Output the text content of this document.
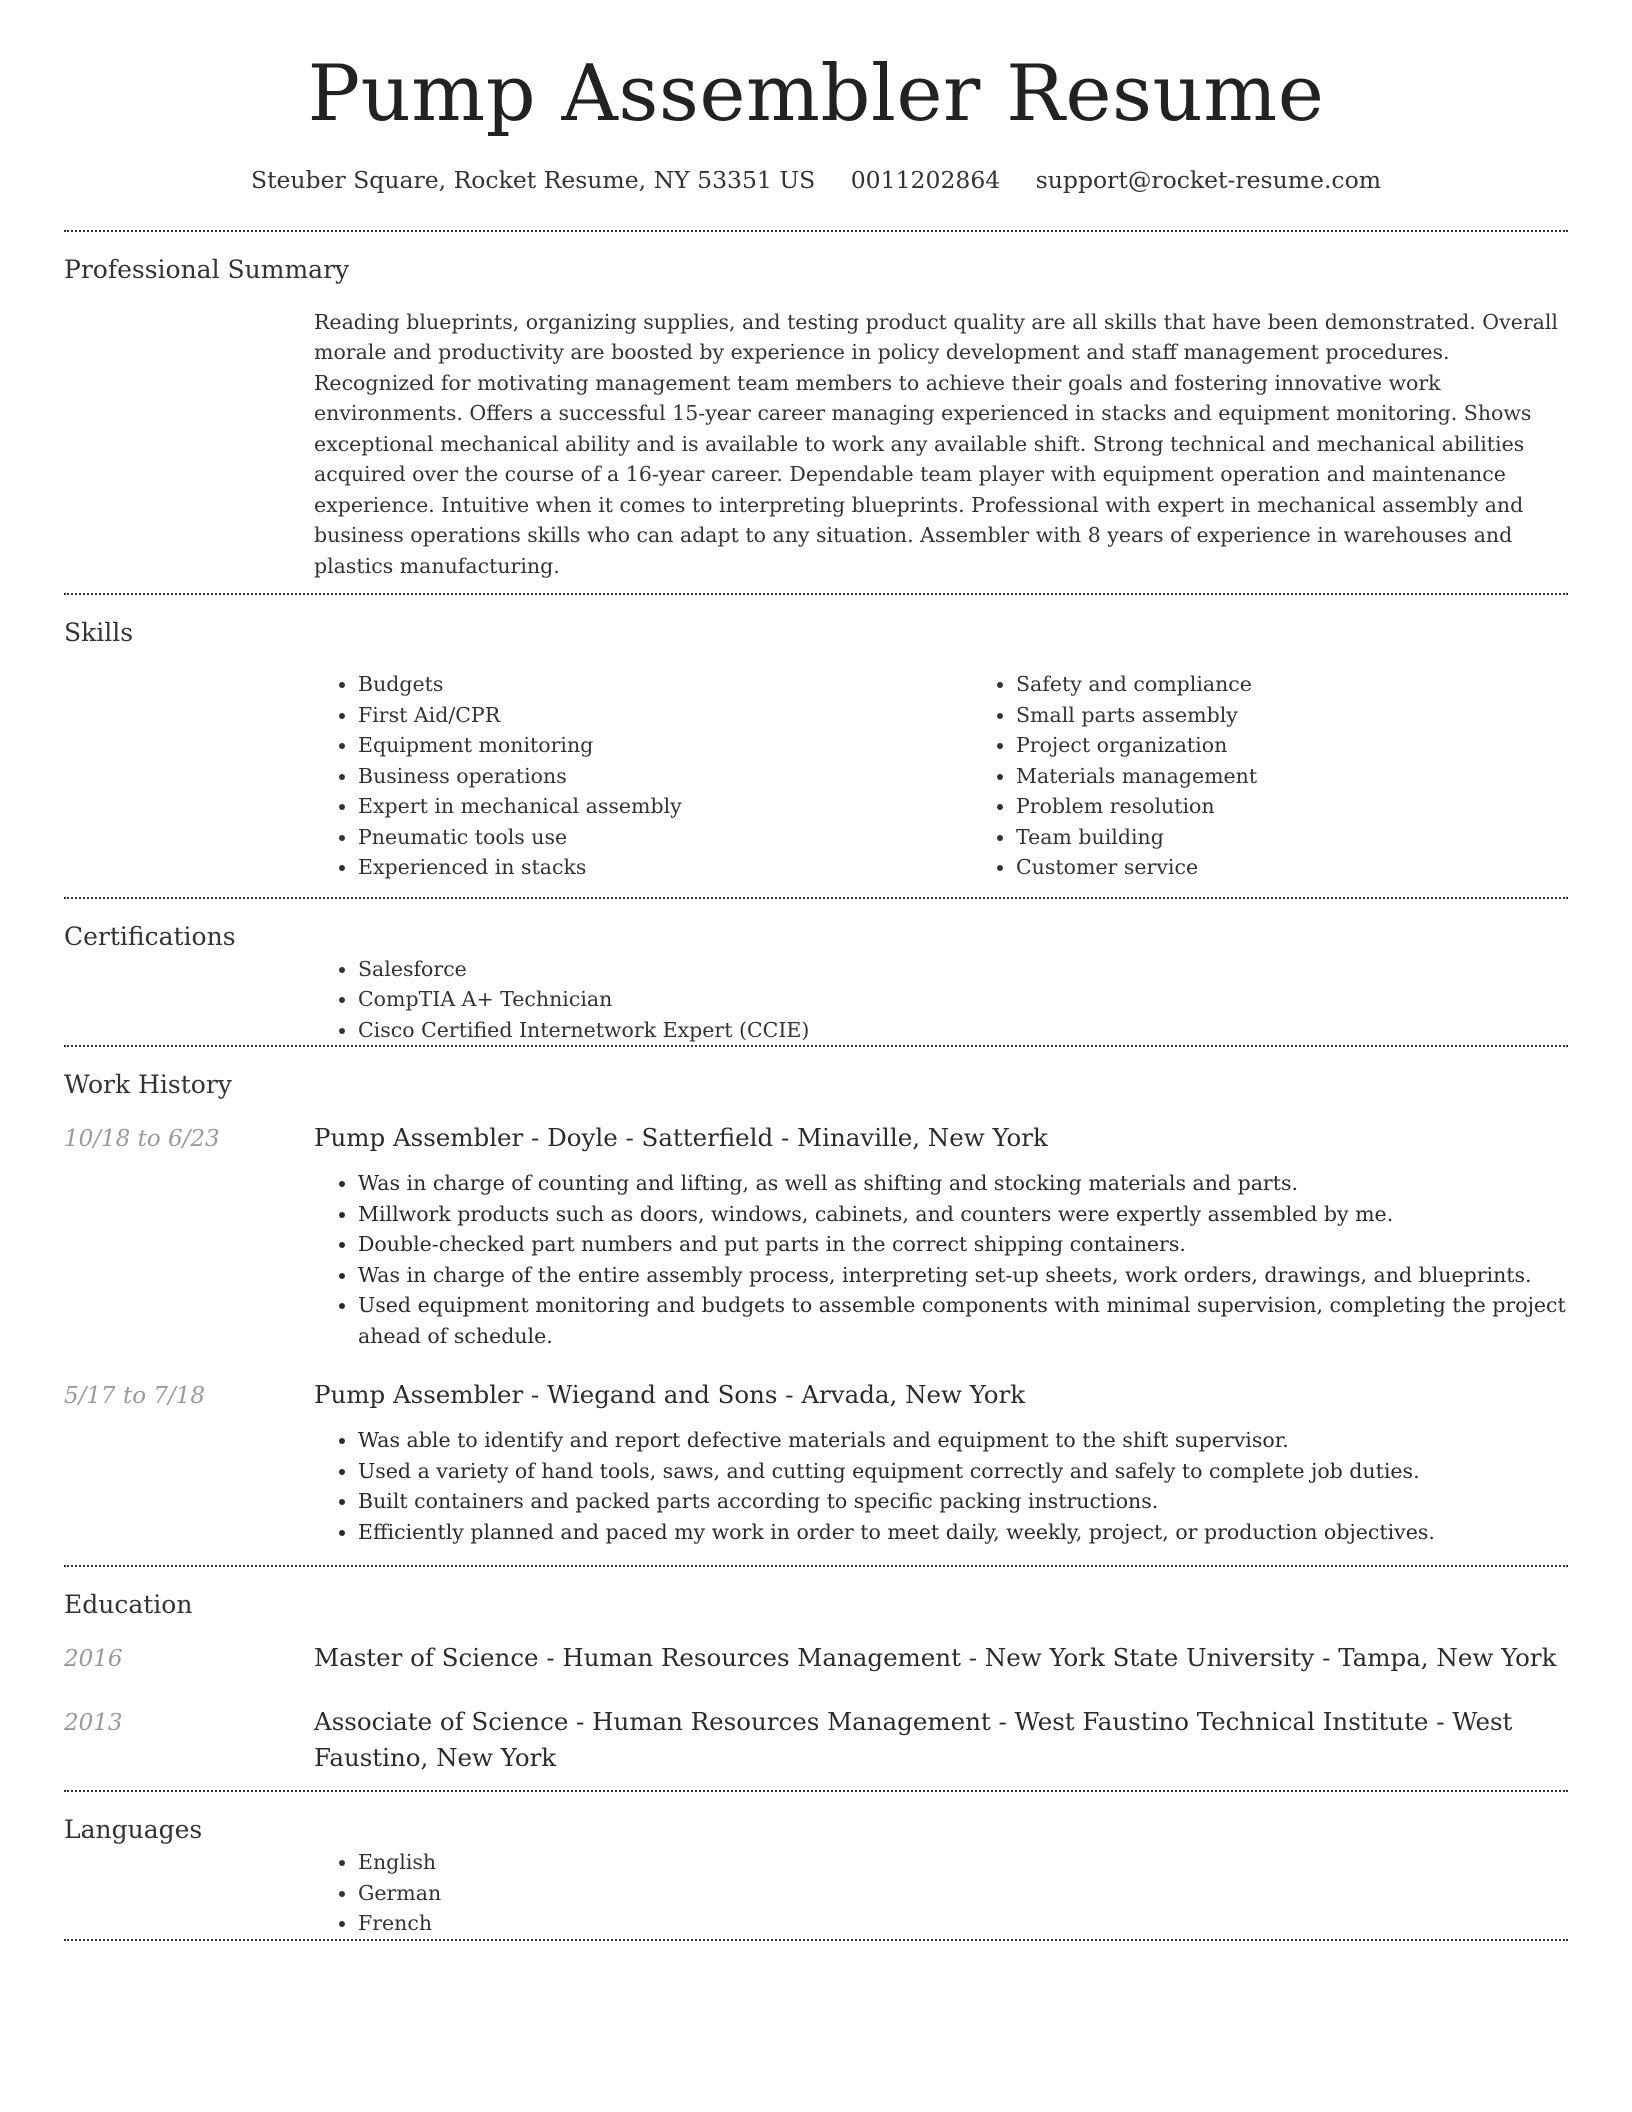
Pump Assembler Resume
Steuber Square, Rocket Resume, NY 53351 US 0011202864 support@rocket-resume.com
Professional Summary

Reading blueprints, organizing supplies, and testing product quality are all skills that have been demonstrated. Overall morale and productivity are boosted by experience in policy development and staff management procedures. Recognized for motivating management team members to achieve their goals and fostering innovative work environments. Offers a successful 15-year career managing experienced in stacks and equipment monitoring. Shows exceptional mechanical ability and is available to work any available shift. Strong technical and mechanical abilities acquired over the course of a 16-year career. Dependable team player with equipment operation and maintenance experience. Intuitive when it comes to interpreting blueprints. Professional with expert in mechanical assembly and business operations skills who can adapt to any situation. Assembler with 8 years of experience in warehouses and plastics manufacturing.

Skills
• Budgets
• First Aid/CPR
• Equipment monitoring
• Business operations
• Expert in mechanical assembly
• Pneumatic tools use
• Experienced in stacks
• Safety and compliance
• Small parts assembly
• Project organization
• Materials management
• Problem resolution
• Team building
• Customer service
Certifications
• Salesforce
• CompTIA A+ Technician
• Cisco Certified Internetwork Expert (CCIE)
Work History
10/18 to 6/23	Pump Assembler - Doyle - Satterfield - Minaville, New York
• Was in charge of counting and lifting, as well as shifting and stocking materials and parts.
• Millwork products such as doors, windows, cabinets, and counters were expertly assembled by me.
• Double-checked part numbers and put parts in the correct shipping containers.
• Was in charge of the entire assembly process, interpreting set-up sheets, work orders, drawings, and blueprints.
• Used equipment monitoring and budgets to assemble components with minimal supervision, completing the project ahead of schedule.
5/17 to 7/18	Pump Assembler - Wiegand and Sons - Arvada, New York
• Was able to identify and report defective materials and equipment to the shift supervisor.
• Used a variety of hand tools, saws, and cutting equipment correctly and safely to complete job duties.
• Built containers and packed parts according to specific packing instructions.
• Efficiently planned and paced my work in order to meet daily, weekly, project, or production objectives.
Education
2016	Master of Science - Human Resources Management - New York State University - Tampa, New York
2013	Associate of Science - Human Resources Management - West Faustino Technical Institute - West Faustino, New York
Languages
• English
• German
• French
